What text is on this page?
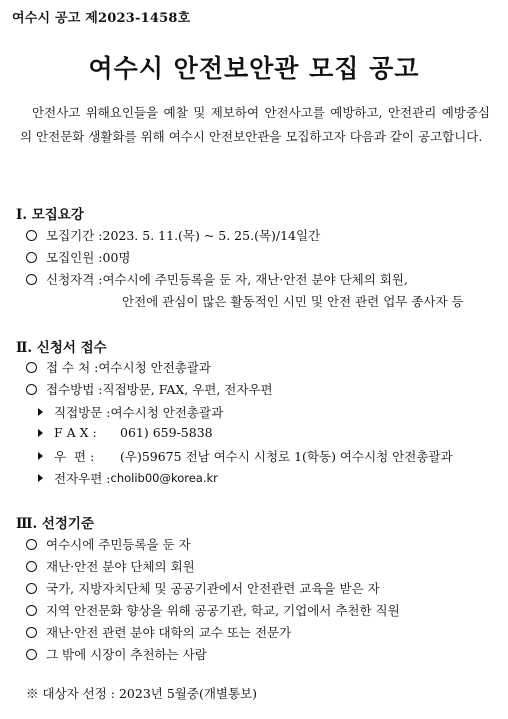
여수시 공고 제2023-1458호
여수시 안전보안관 모집 공고
안전사고 위해요인들을 예찰 및 제보하여 안전사고를 예방하고, 안전관리 예방중심의 안전문화 생활화를 위해 여수시 안전보안관을 모집하고자 다음과 같이 공고합니다.
Ⅰ. 모집요강
모집기간 : 2023. 5. 11.(목) ~ 5. 25.(목)/14일간
모집인원 : 00명
신청자격 : 여수시에 주민등록을 둔 자, 재난·안전 분야 단체의 회원,
안전에 관심이 많은 활동적인 시민 및 안전 관련 업무 종사자 등
Ⅱ. 신청서 접수
접 수 처 : 여수시청 안전총괄과
접수방법 : 직접방문, FAX, 우편, 전자우편
직접방문 : 여수시청 안전총괄과
F A X :	061) 659-5838
우  편 :	(우)59675 전남 여수시 시청로 1(학동) 여수시청 안전총괄과
전자우편 : cholib00@korea.kr
Ⅲ. 선정기준
여수시에 주민등록을 둔 자
재난·안전 분야 단체의 회원
국가, 지방자치단체 및 공공기관에서 안전관련 교육을 받은 자
지역 안전문화 향상을 위해 공공기관, 학교, 기업에서 추천한 직원
재난·안전 관련 분야 대학의 교수 또는 전문가
그 밖에 시장이 추천하는 사람
※ 대상자 선정 : 2023년 5월중(개별통보)
